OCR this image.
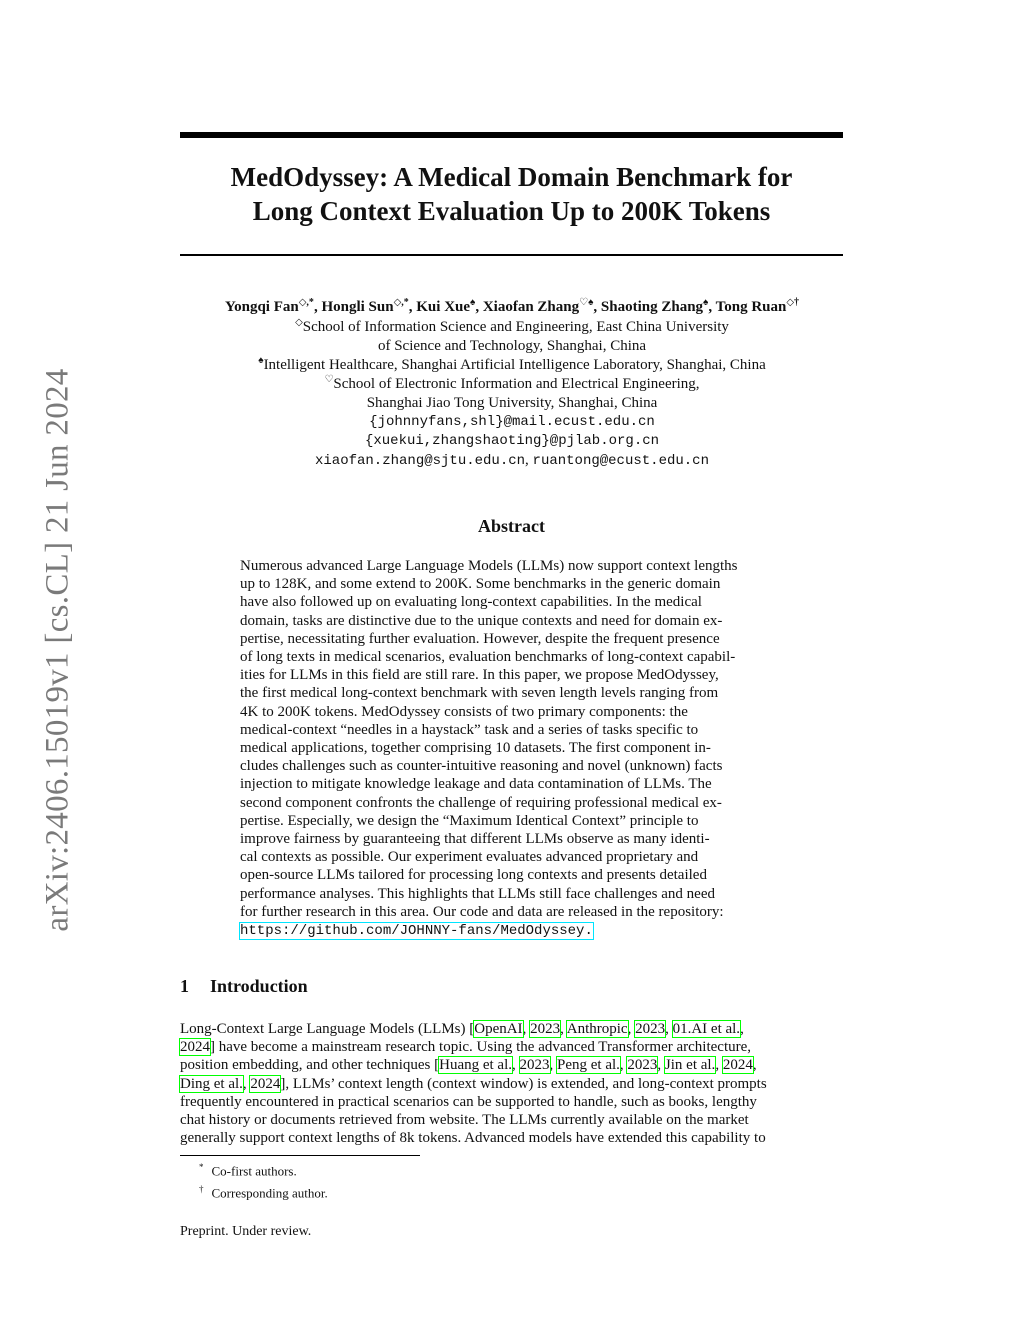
arXiv:2406.15019v1 [cs.CL] 21 Jun 2024
MedOdyssey: A Medical Domain Benchmark for
Long Context Evaluation Up to 200K Tokens
Yongqi Fan◇,*, Hongli Sun◇,*, Kui Xue♠, Xiaofan Zhang♡♠, Shaoting Zhang♠, Tong Ruan◇†
◇School of Information Science and Engineering, East China University
of Science and Technology, Shanghai, China
♠Intelligent Healthcare, Shanghai Artificial Intelligence Laboratory, Shanghai, China
♡School of Electronic Information and Electrical Engineering,
Shanghai Jiao Tong University, Shanghai, China
{johnnyfans,shl}@mail.ecust.edu.cn
{xuekui,zhangshaoting}@pjlab.org.cn
xiaofan.zhang@sjtu.edu.cn, ruantong@ecust.edu.cn
Abstract
Numerous advanced Large Language Models (LLMs) now support context lengths
up to 128K, and some extend to 200K. Some benchmarks in the generic domain
have also followed up on evaluating long-context capabilities. In the medical
domain, tasks are distinctive due to the unique contexts and need for domain ex-
pertise, necessitating further evaluation. However, despite the frequent presence
of long texts in medical scenarios, evaluation benchmarks of long-context capabil-
ities for LLMs in this field are still rare. In this paper, we propose MedOdyssey,
the first medical long-context benchmark with seven length levels ranging from
4K to 200K tokens. MedOdyssey consists of two primary components: the
medical-context “needles in a haystack” task and a series of tasks specific to
medical applications, together comprising 10 datasets. The first component in-
cludes challenges such as counter-intuitive reasoning and novel (unknown) facts
injection to mitigate knowledge leakage and data contamination of LLMs. The
second component confronts the challenge of requiring professional medical ex-
pertise. Especially, we design the “Maximum Identical Context” principle to
improve fairness by guaranteeing that different LLMs observe as many identi-
cal contexts as possible. Our experiment evaluates advanced proprietary and
open-source LLMs tailored for processing long contexts and presents detailed
performance analyses. This highlights that LLMs still face challenges and need
for further research in this area. Our code and data are released in the repository:
https://github.com/JOHNNY-fans/MedOdyssey.
1 Introduction
Long-Context Large Language Models (LLMs) [OpenAI, 2023, Anthropic, 2023, 01.AI et al.,
2024] have become a mainstream research topic. Using the advanced Transformer architecture,
position embedding, and other techniques [Huang et al., 2023, Peng et al., 2023, Jin et al., 2024,
Ding et al., 2024], LLMs’ context length (context window) is extended, and long-context prompts
frequently encountered in practical scenarios can be supported to handle, such as books, lengthy
chat history or documents retrieved from website. The LLMs currently available on the market
generally support context lengths of 8k tokens. Advanced models have extended this capability to
* Co-first authors.
† Corresponding author.
Preprint. Under review.
